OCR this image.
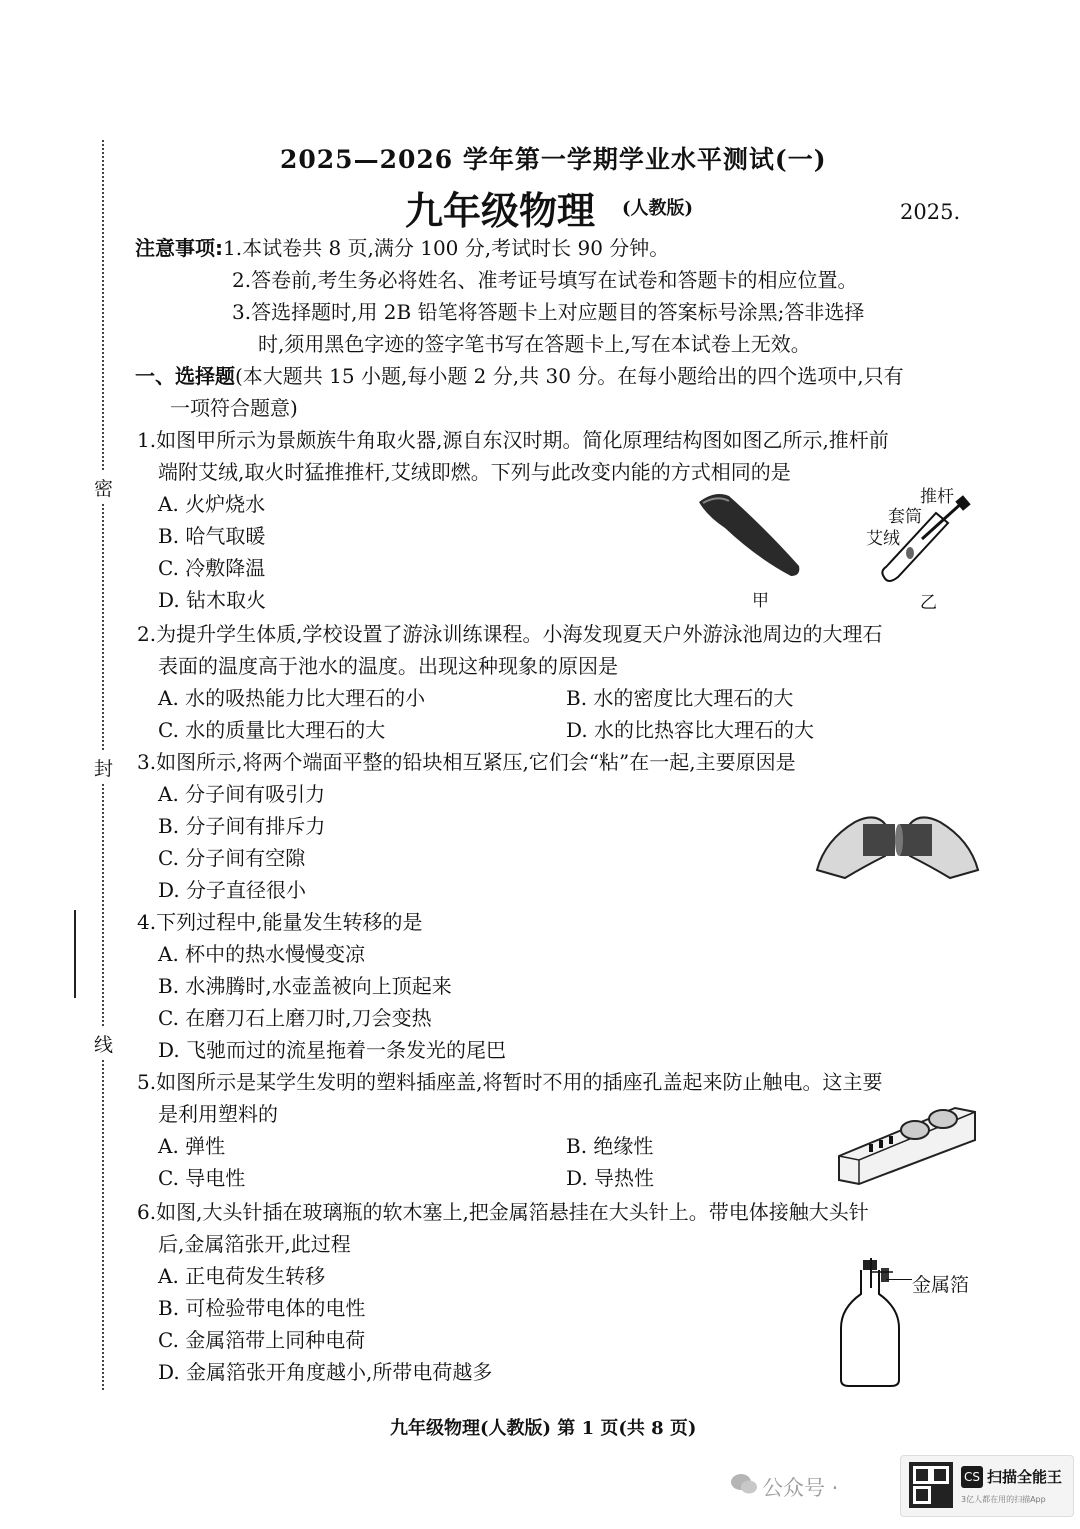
密
封
线
2025—2026 学年第一学期学业水平测试(一)
九年级物理 (人教版)	2025.
注意事项:1.本试卷共 8 页,满分 100 分,考试时长 90 分钟。
2.答卷前,考生务必将姓名、准考证号填写在试卷和答题卡的相应位置。
3.答选择题时,用 2B 铅笔将答题卡上对应题目的答案标号涂黑;答非选择
时,须用黑色字迹的签字笔书写在答题卡上,写在本试卷上无效。
一、选择题(本大题共 15 小题,每小题 2 分,共 30 分。在每小题给出的四个选项中,只有
一项符合题意)
1.如图甲所示为景颇族牛角取火器,源自东汉时期。简化原理结构图如图乙所示,推杆前
端附艾绒,取火时猛推推杆,艾绒即燃。下列与此改变内能的方式相同的是
A. 火炉烧水
B. 哈气取暖
C. 冷敷降温
D. 钻木取火	甲
推杆
套筒
艾绒
乙
2.为提升学生体质,学校设置了游泳训练课程。小海发现夏天户外游泳池周边的大理石
表面的温度高于池水的温度。出现这种现象的原因是
A. 水的吸热能力比大理石的小	B. 水的密度比大理石的大
C. 水的质量比大理石的大	D. 水的比热容比大理石的大
3.如图所示,将两个端面平整的铅块相互紧压,它们会“粘”在一起,主要原因是
A. 分子间有吸引力
B. 分子间有排斥力
C. 分子间有空隙
D. 分子直径很小
4.下列过程中,能量发生转移的是
A. 杯中的热水慢慢变凉
B. 水沸腾时,水壶盖被向上顶起来
C. 在磨刀石上磨刀时,刀会变热
D. 飞驰而过的流星拖着一条发光的尾巴
5.如图所示是某学生发明的塑料插座盖,将暂时不用的插座孔盖起来防止触电。这主要
是利用塑料的
A. 弹性	B. 绝缘性
C. 导电性	D. 导热性
6.如图,大头针插在玻璃瓶的软木塞上,把金属箔悬挂在大头针上。带电体接触大头针
后,金属箔张开,此过程
A. 正电荷发生转移
B. 可检验带电体的电性
C. 金属箔带上同种电荷
D. 金属箔张开角度越小,所带电荷越多
金属箔
九年级物理(人教版) 第 1 页(共 8 页)
公众号 ·	CS 扫描全能王
3亿人都在用的扫描App
